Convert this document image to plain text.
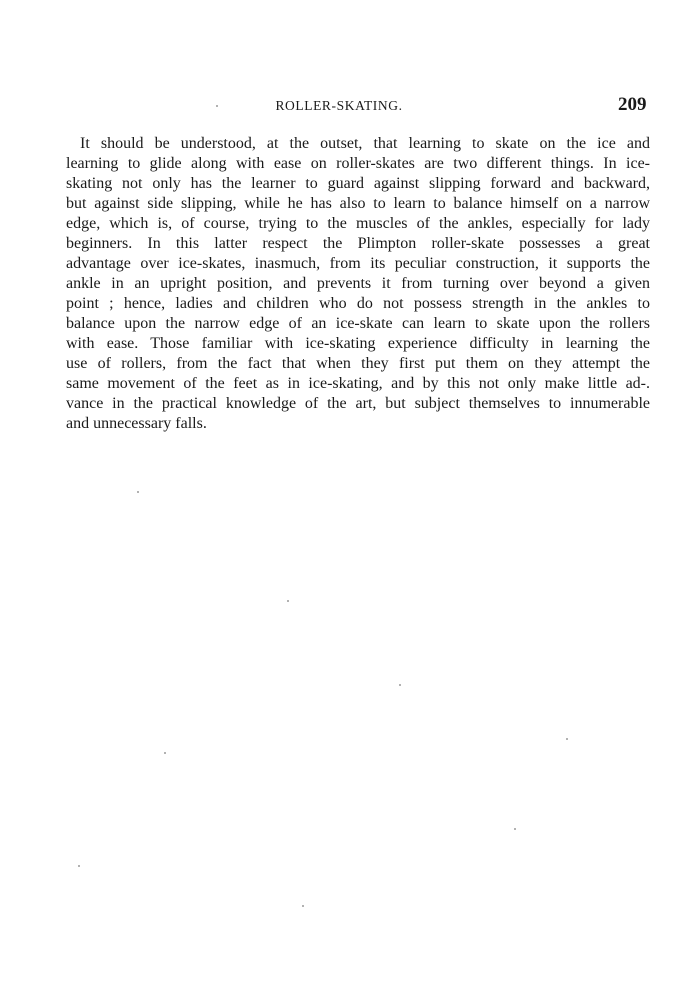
ROLLER-SKATING.	209
It should be understood, at the outset, that learning to skate on the ice and
learning to glide along with ease on roller-skates are two different things. In ice-
skating not only has the learner to guard against slipping forward and backward,
but against side slipping, while he has also to learn to balance himself on a narrow
edge, which is, of course, trying to the muscles of the ankles, especially for lady
beginners. In this latter respect the Plimpton roller-skate possesses a great
advantage over ice-skates, inasmuch, from its peculiar construction, it supports the
ankle in an upright position, and prevents it from turning over beyond a given
point ; hence, ladies and children who do not possess strength in the ankles to
balance upon the narrow edge of an ice-skate can learn to skate upon the rollers
with ease. Those familiar with ice-skating experience difficulty in learning the
use of rollers, from the fact that when they first put them on they attempt the
same movement of the feet as in ice-skating, and by this not only make little ad-.
vance in the practical knowledge of the art, but subject themselves to innumerable
and unnecessary falls.
